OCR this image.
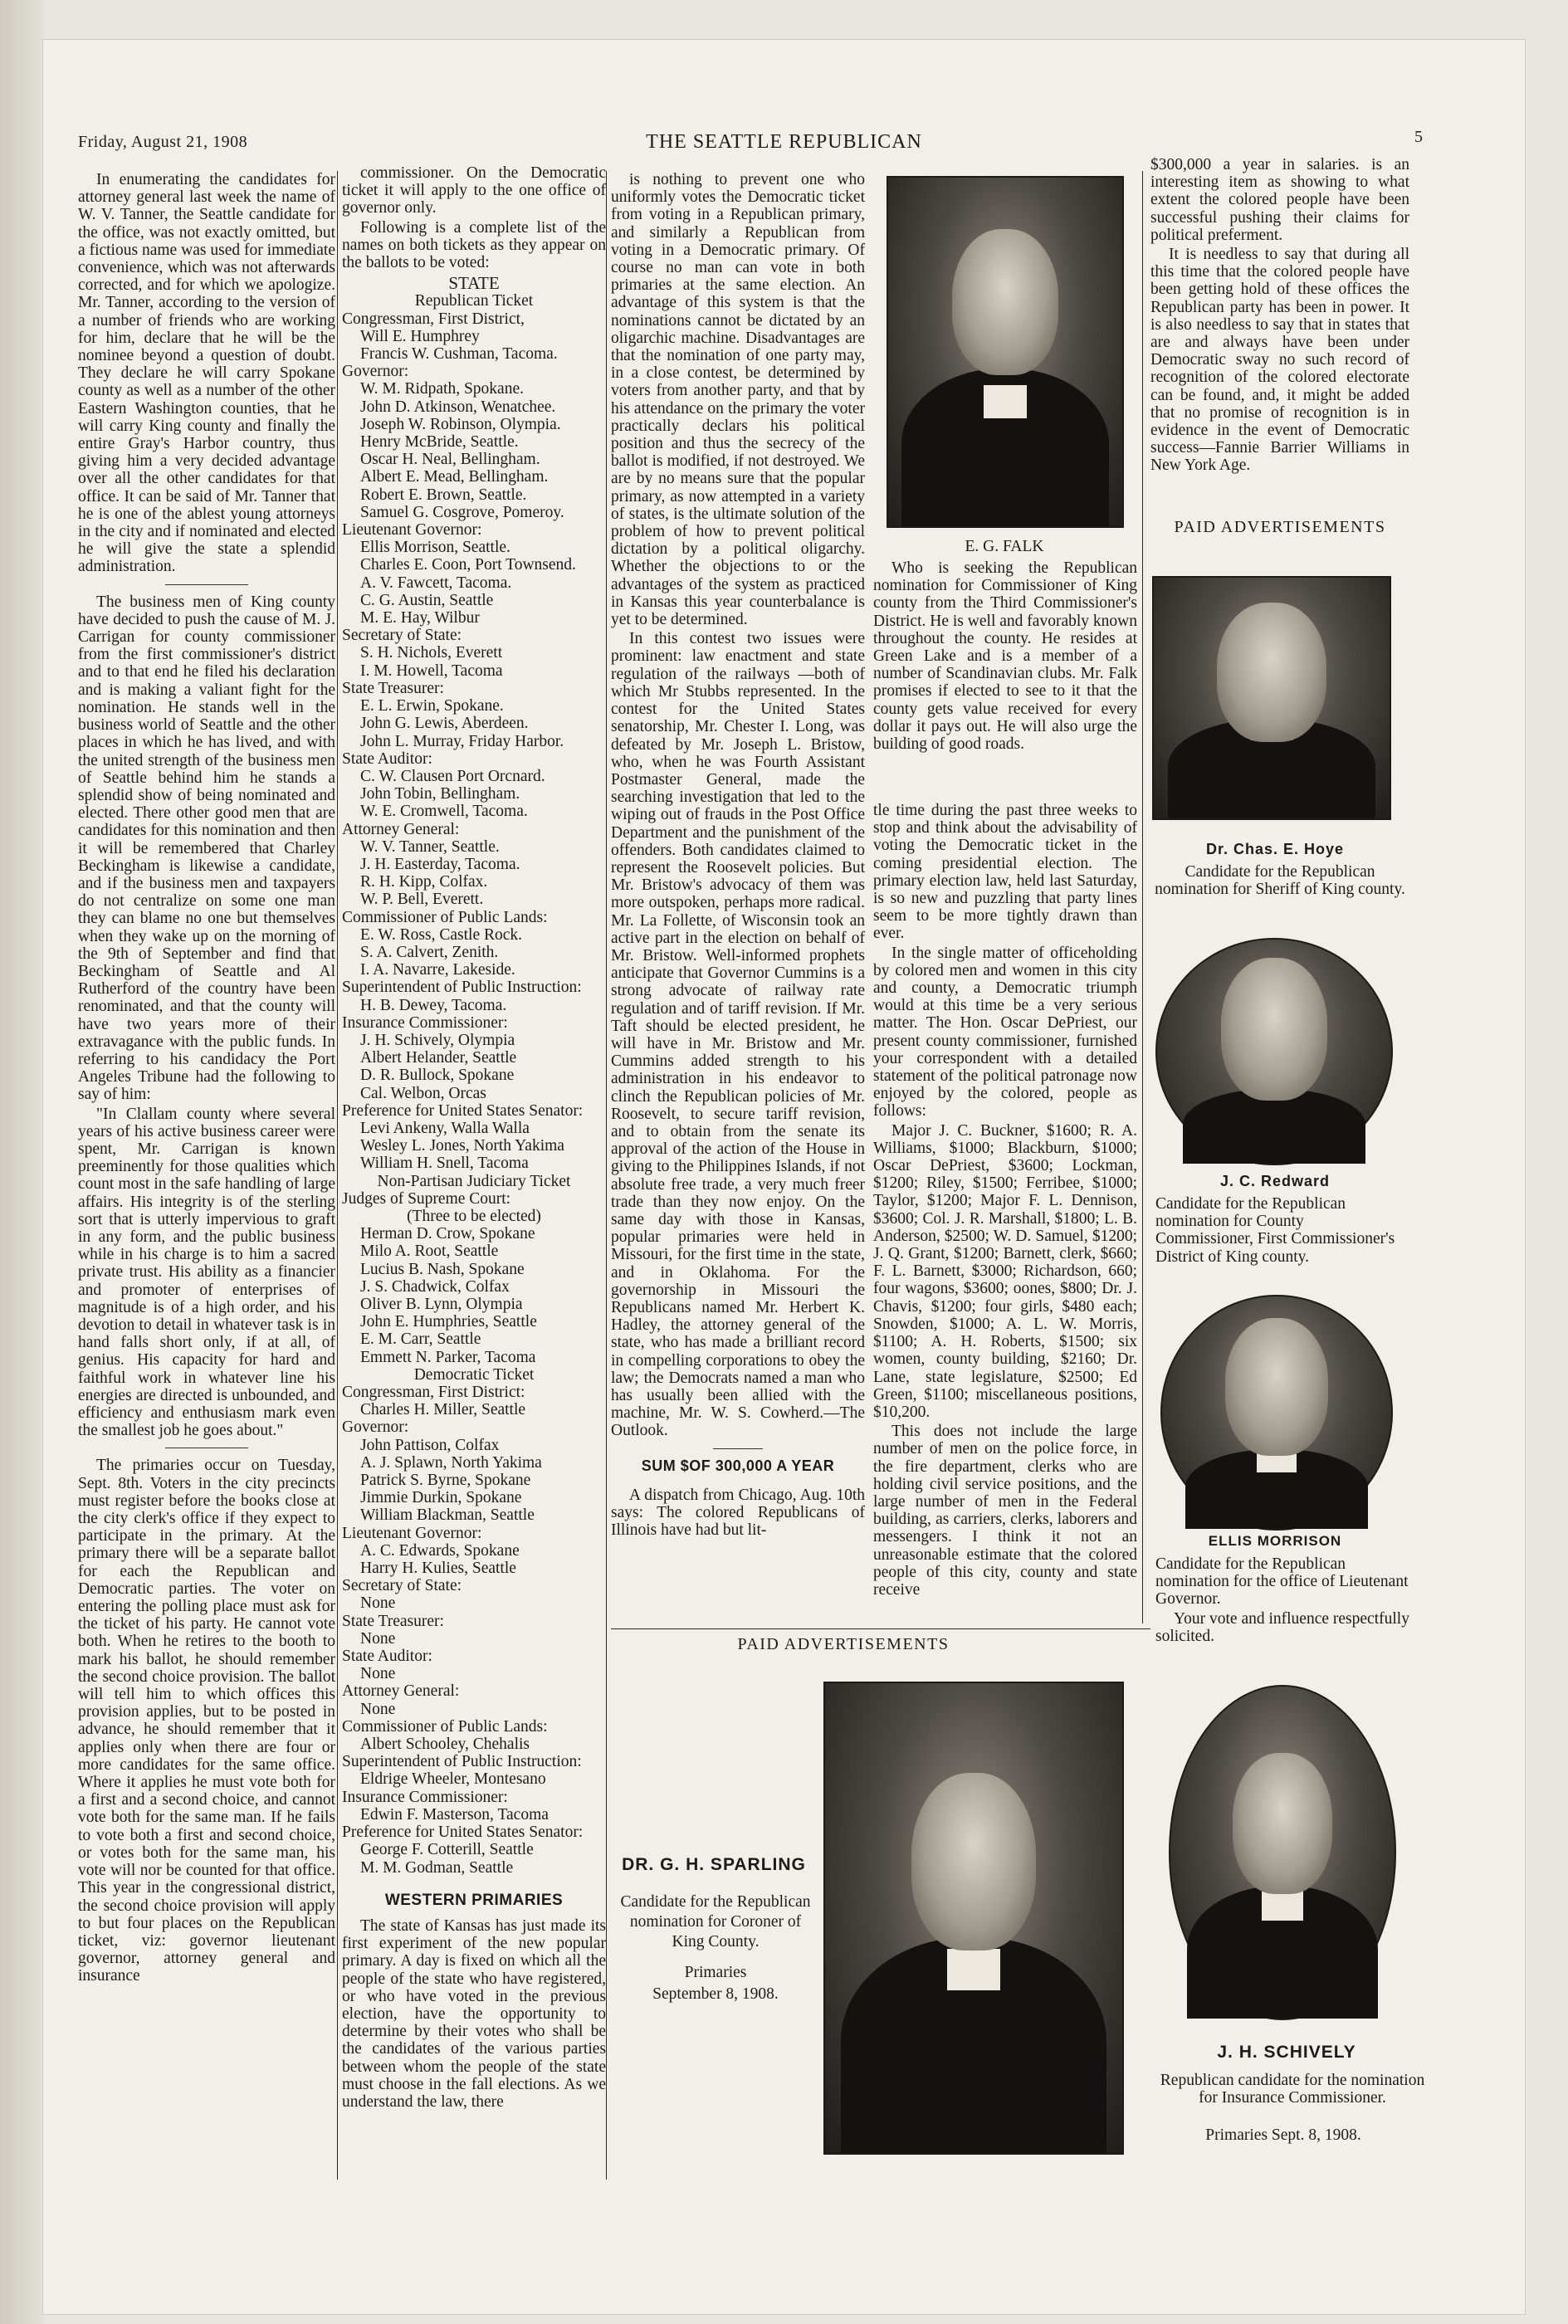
Friday, August 21, 1908	THE SEATTLE REPUBLICAN	5

In enumerating the candidates for attorney general last week the name of W. V. Tanner, the Seattle candidate for the office, was not exactly omitted, but a fictious name was used for immediate convenience, which was not afterwards corrected, and for which we apologize. Mr. Tanner, according to the version of a number of friends who are working for him, declare that he will be the nominee beyond a question of doubt. They declare he will carry Spokane county as well as a number of the other Eastern Washington counties, that he will carry King county and finally the entire Gray's Harbor country, thus giving him a very decided advantage over all the other candidates for that office. It can be said of Mr. Tanner that he is one of the ablest young attorneys in the city and if nominated and elected he will give the state a splendid administration.

The business men of King county have decided to push the cause of M. J. Carrigan for county commissioner from the first commissioner's district and to that end he filed his declaration and is making a valiant fight for the nomination. He stands well in the business world of Seattle and the other places in which he has lived, and with the united strength of the business men of Seattle behind him he stands a splendid show of being nominated and elected. There other good men that are candidates for this nomination and then it will be remembered that Charley Beckingham is likewise a candidate, and if the business men and taxpayers do not centralize on some one man they can blame no one but themselves when they wake up on the morning of the 9th of September and find that Beckingham of Seattle and Al Rutherford of the country have been renominated, and that the county will have two years more of their extravagance with the public funds. In referring to his candidacy the Port Angeles Tribune had the following to say of him:

"In Clallam county where several years of his active business career were spent, Mr. Carrigan is known preeminently for those qualities which count most in the safe handling of large affairs. His integrity is of the sterling sort that is utterly impervious to graft in any form, and the public business while in his charge is to him a sacred private trust. His ability as a financier and promoter of enterprises of magnitude is of a high order, and his devotion to detail in whatever task is in hand falls short only, if at all, of genius. His capacity for hard and faithful work in whatever line his energies are directed is unbounded, and efficiency and enthusiasm mark even the smallest job he goes about."

The primaries occur on Tuesday, Sept. 8th. Voters in the city precincts must register before the books close at the city clerk's office if they expect to participate in the primary. At the primary there will be a separate ballot for each the Republican and Democratic parties. The voter on entering the polling place must ask for the ticket of his party. He cannot vote both. When he retires to the booth to mark his ballot, he should remember the second choice provision. The ballot will tell him to which offices this provision applies, but to be posted in advance, he should remember that it applies only when there are four or more candidates for the same office. Where it applies he must vote both for a first and a second choice, and cannot vote both for the same man. If he fails to vote both a first and second choice, or votes both for the same man, his vote will nor be counted for that office. This year in the congressional district, the second choice provision will apply to but four places on the Republican ticket, viz: governor lieutenant governor, attorney general and insurance

commissioner. On the Democratic ticket it will apply to the one office of governor only.

Following is a complete list of the names on both tickets as they appear on the ballots to be voted:

STATE
Republican Ticket
Congressman, First District,
Will E. Humphrey
Francis W. Cushman, Tacoma.
Governor:
W. M. Ridpath, Spokane.
John D. Atkinson, Wenatchee.
Joseph W. Robinson, Olympia.
Henry McBride, Seattle.
Oscar H. Neal, Bellingham.
Albert E. Mead, Bellingham.
Robert E. Brown, Seattle.
Samuel G. Cosgrove, Pomeroy.
Lieutenant Governor:
Ellis Morrison, Seattle.
Charles E. Coon, Port Townsend.
A. V. Fawcett, Tacoma.
C. G. Austin, Seattle
M. E. Hay, Wilbur
Secretary of State:
S. H. Nichols, Everett
I. M. Howell, Tacoma
State Treasurer:
E. L. Erwin, Spokane.
John G. Lewis, Aberdeen.
John L. Murray, Friday Harbor.
State Auditor:
C. W. Clausen Port Orcnard.
John Tobin, Bellingham.
W. E. Cromwell, Tacoma.
Attorney General:
W. V. Tanner, Seattle.
J. H. Easterday, Tacoma.
R. H. Kipp, Colfax.
W. P. Bell, Everett.
Commissioner of Public Lands:
E. W. Ross, Castle Rock.
S. A. Calvert, Zenith.
I. A. Navarre, Lakeside.
Superintendent of Public Instruction:
H. B. Dewey, Tacoma.
Insurance Commissioner:
J. H. Schively, Olympia
Albert Helander, Seattle
D. R. Bullock, Spokane
Cal. Welbon, Orcas
Preference for United States Senator:
Levi Ankeny, Walla Walla
Wesley L. Jones, North Yakima
William H. Snell, Tacoma
Non-Partisan Judiciary Ticket
Judges of Supreme Court:
(Three to be elected)
Herman D. Crow, Spokane
Milo A. Root, Seattle
Lucius B. Nash, Spokane
J. S. Chadwick, Colfax
Oliver B. Lynn, Olympia
John E. Humphries, Seattle
E. M. Carr, Seattle
Emmett N. Parker, Tacoma
Democratic Ticket
Congressman, First District:
Charles H. Miller, Seattle
Governor:
John Pattison, Colfax
A. J. Splawn, North Yakima
Patrick S. Byrne, Spokane
Jimmie Durkin, Spokane
William Blackman, Seattle
Lieutenant Governor:
A. C. Edwards, Spokane
Harry H. Kulies, Seattle
Secretary of State:
None
State Treasurer:
None
State Auditor:
None
Attorney General:
None
Commissioner of Public Lands:
Albert Schooley, Chehalis
Superintendent of Public Instruction:
Eldrige Wheeler, Montesano
Insurance Commissioner:
Edwin F. Masterson, Tacoma
Preference for United States Senator:
George F. Cotterill, Seattle
M. M. Godman, Seattle
WESTERN PRIMARIES

The state of Kansas has just made its first experiment of the new popular primary. A day is fixed on which all the people of the state who have registered, or who have voted in the previous election, have the opportunity to determine by their votes who shall be the candidates of the various parties between whom the people of the state must choose in the fall elections. As we understand the law, there

is nothing to prevent one who uniformly votes the Democratic ticket from voting in a Republican primary, and similarly a Republican from voting in a Democratic primary. Of course no man can vote in both primaries at the same election. An advantage of this system is that the nominations cannot be dictated by an oligarchic machine. Disadvantages are that the nomination of one party may, in a close contest, be determined by voters from another party, and that by his attendance on the primary the voter practically declars his political position and thus the secrecy of the ballot is modified, if not destroyed. We are by no means sure that the popular primary, as now attempted in a variety of states, is the ultimate solution of the problem of how to prevent political dictation by a political oligarchy. Whether the objections to or the advantages of the system as practiced in Kansas this year counterbalance is yet to be determined.

In this contest two issues were prominent: law enactment and state regulation of the railways —both of which Mr Stubbs represented. In the contest for the United States senatorship, Mr. Chester I. Long, was defeated by Mr. Joseph L. Bristow, who, when he was Fourth Assistant Postmaster General, made the searching investigation that led to the wiping out of frauds in the Post Office Department and the punishment of the offenders. Both candidates claimed to represent the Roosevelt policies. But Mr. Bristow's advocacy of them was more outspoken, perhaps more radical. Mr. La Follette, of Wisconsin took an active part in the election on behalf of Mr. Bristow. Well-informed prophets anticipate that Governor Cummins is a strong advocate of railway rate regulation and of tariff revision. If Mr. Taft should be elected president, he will have in Mr. Bristow and Mr. Cummins added strength to his administration in his endeavor to clinch the Republican policies of Mr. Roosevelt, to secure tariff revision, and to obtain from the senate its approval of the action of the House in giving to the Philippines Islands, if not absolute free trade, a very much freer trade than they now enjoy. On the same day with those in Kansas, popular primaries were held in Missouri, for the first time in the state, and in Oklahoma. For the governorship in Missouri the Republicans named Mr. Herbert K. Hadley, the attorney general of the state, who has made a brilliant record in compelling corporations to obey the law; the Democrats named a man who has usually been allied with the machine, Mr. W. S. Cowherd.—The Outlook.

SUM $OF 300,000 A YEAR

A dispatch from Chicago, Aug. 10th says: The colored Republicans of Illinois have had but lit-

E. G. FALK

Who is seeking the Republican nomination for Commissioner of King county from the Third Commissioner's District. He is well and favorably known throughout the county. He resides at Green Lake and is a member of a number of Scandinavian clubs. Mr. Falk promises if elected to see to it that the county gets value received for every dollar it pays out. He will also urge the building of good roads.

tle time during the past three weeks to stop and think about the advisability of voting the Democratic ticket in the coming presidential election. The primary election law, held last Saturday, is so new and puzzling that party lines seem to be more tightly drawn than ever.

In the single matter of officeholding by colored men and women in this city and county, a Democratic triumph would at this time be a very serious matter. The Hon. Oscar DePriest, our present county commissioner, furnished your correspondent with a detailed statement of the political patronage now enjoyed by the colored, people as follows:

Major J. C. Buckner, $1600; R. A. Williams, $1000; Blackburn, $1000; Oscar DePriest, $3600; Lockman, $1200; Riley, $1500; Ferribee, $1000; Taylor, $1200; Major F. L. Dennison, $3600; Col. J. R. Marshall, $1800; L. B. Anderson, $2500; W. D. Samuel, $1200; J. Q. Grant, $1200; Barnett, clerk, $660; F. L. Barnett, $3000; Richardson, 660; four wagons, $3600; oones, $800; Dr. J. Chavis, $1200; four girls, $480 each; Snowden, $1000; A. L. W. Morris, $1100; A. H. Roberts, $1500; six women, county building, $2160; Dr. Lane, state legislature, $2500; Ed Green, $1100; miscellaneous positions, $10,200.

This does not include the large number of men on the police force, in the fire department, clerks who are holding civil service positions, and the large number of men in the Federal building, as carriers, clerks, laborers and messengers. I think it not an unreasonable estimate that the colored people of this city, county and state receive

$300,000 a year in salaries. is an interesting item as showing to what extent the colored people have been successful pushing their claims for political preferment.

It is needless to say that during all this time that the colored people have been getting hold of these offices the Republican party has been in power. It is also needless to say that in states that are and always have been under Democratic sway no such record of recognition of the colored electorate can be found, and, it might be added that no promise of recognition is in evidence in the event of Democratic success—Fannie Barrier Williams in New York Age.

PAID ADVERTISEMENTS
Dr. Chas. E. Hoye

Candidate for the Republican nomination for Sheriff of King county.

J. C. Redward

Candidate for the Republican nomination for County Commissioner, First Commissioner's District of King county.

ELLIS MORRISON

Candidate for the Republican nomination for the office of Lieutenant Governor.

Your vote and influence respectfully solicited.

PAID ADVERTISEMENTS
DR. G. H. SPARLING
Candidate for the Republican nomination for Coroner of King County.
Primaries
September 8, 1908.
J. H. SCHIVELY

Republican candidate for the nomination for Insurance Commissioner.

Primaries Sept. 8, 1908.
